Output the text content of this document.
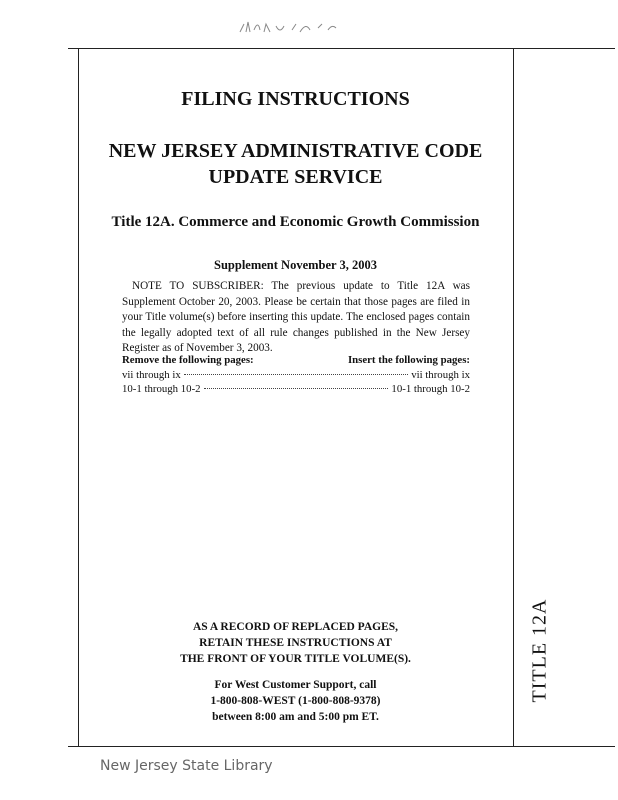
TITLE 12A
FILING INSTRUCTIONS
NEW JERSEY ADMINISTRATIVE CODE
UPDATE SERVICE
Title 12A. Commerce and Economic Growth Commission
Supplement November 3, 2003
NOTE TO SUBSCRIBER: The previous update to Title 12A was Supplement October 20, 2003. Please be certain that those pages are filed in your Title volume(s) before inserting this update. The enclosed pages contain the legally adopted text of all rule changes published in the New Jersey Register as of November 3, 2003.
Remove the following pages:	Insert the following pages:
vii through ix	vii through ix
10-1 through 10-2	10-1 through 10-2
AS A RECORD OF REPLACED PAGES,
RETAIN THESE INSTRUCTIONS AT
THE FRONT OF YOUR TITLE VOLUME(S).
For West Customer Support, call
1-800-808-WEST (1-800-808-9378)
between 8:00 am and 5:00 pm ET.
New Jersey State Library
